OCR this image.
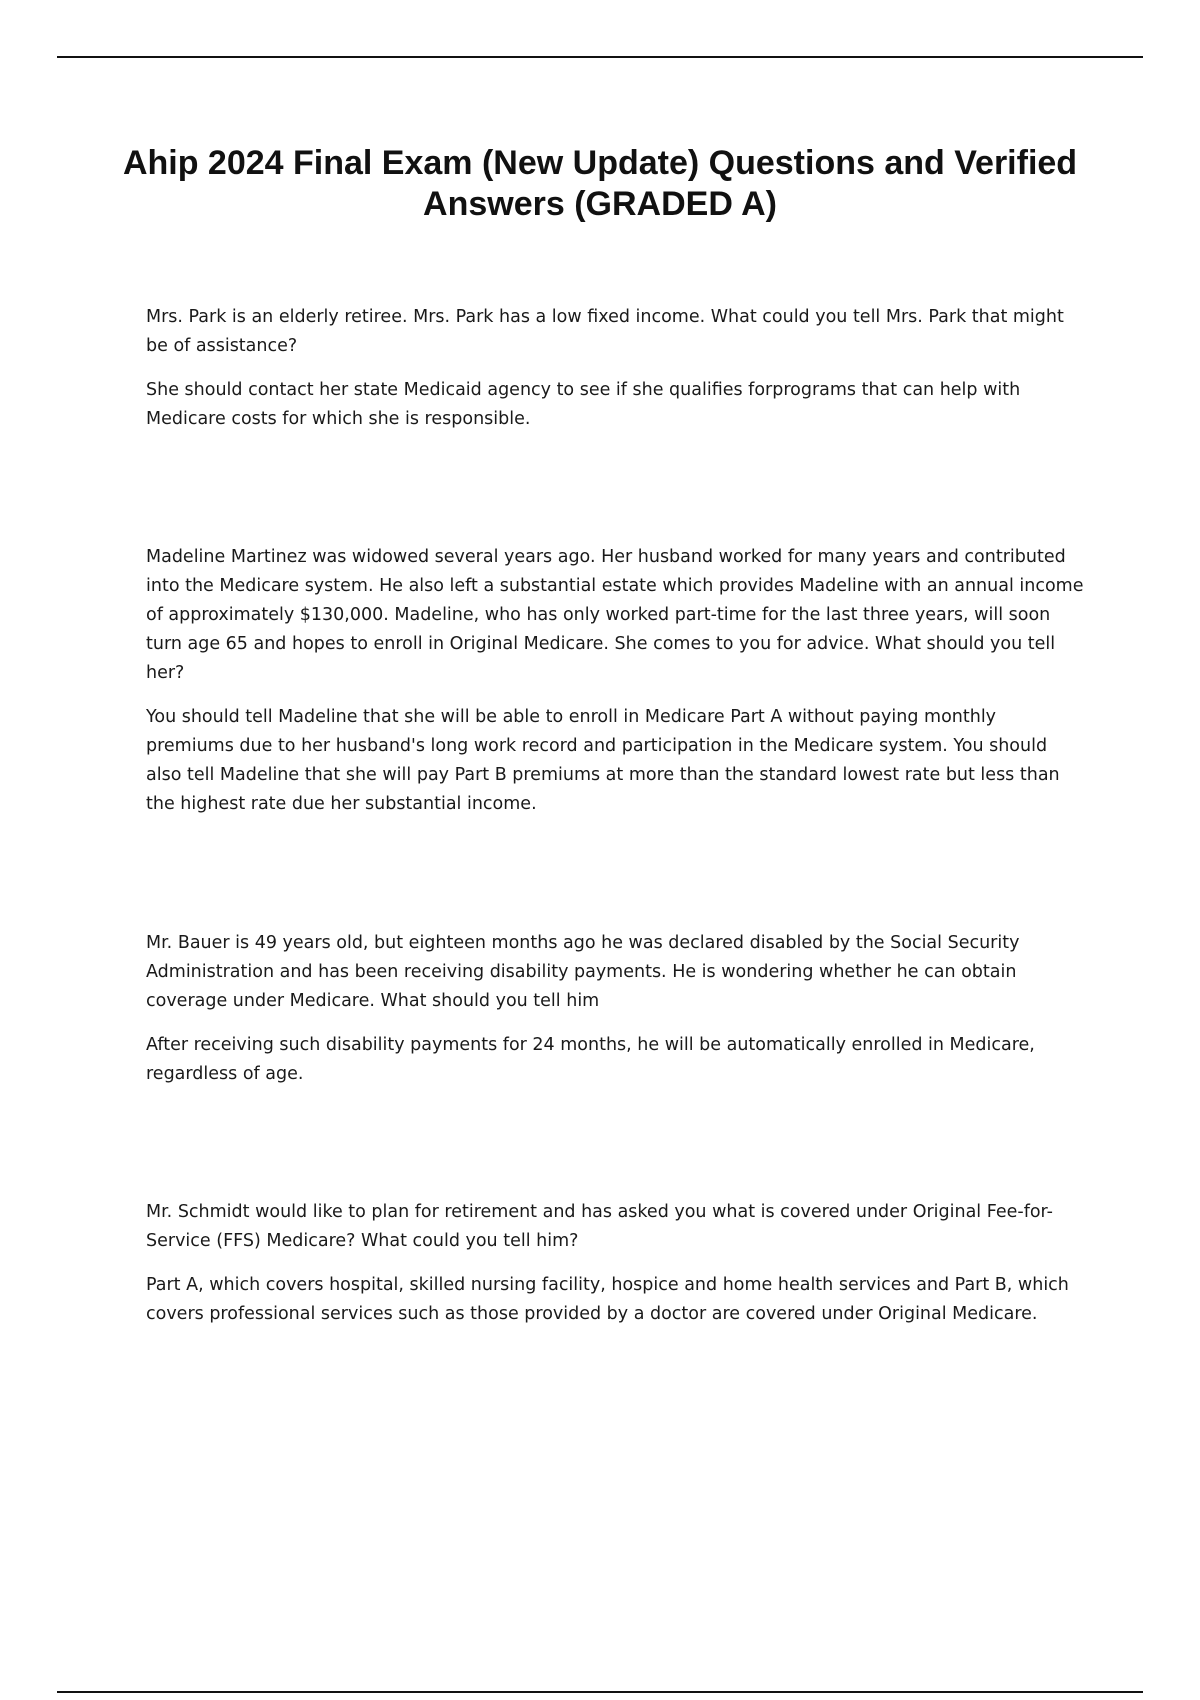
Ahip 2024 Final Exam (New Update) Questions and Verified Answers (GRADED A)

Mrs. Park is an elderly retiree. Mrs. Park has a low fixed income. What could you tell Mrs. Park that might be of assistance?

She should contact her state Medicaid agency to see if she qualifies forprograms that can help with Medicare costs for which she is responsible.

Madeline Martinez was widowed several years ago. Her husband worked for many years and contributed into the Medicare system. He also left a substantial estate which provides Madeline with an annual income of approximately $130,000. Madeline, who has only worked part-time for the last three years, will soon turn age 65 and hopes to enroll in Original Medicare. She comes to you for advice. What should you tell her?

You should tell Madeline that she will be able to enroll in Medicare Part A without paying monthly premiums due to her husband's long work record and participation in the Medicare system. You should also tell Madeline that she will pay Part B premiums at more than the standard lowest rate but less than the highest rate due her substantial income.

Mr. Bauer is 49 years old, but eighteen months ago he was declared disabled by the Social Security Administration and has been receiving disability payments. He is wondering whether he can obtain coverage under Medicare. What should you tell him

After receiving such disability payments for 24 months, he will be automatically enrolled in Medicare, regardless of age.

Mr. Schmidt would like to plan for retirement and has asked you what is covered under Original Fee-for-Service (FFS) Medicare? What could you tell him?

Part A, which covers hospital, skilled nursing facility, hospice and home health services and Part B, which covers professional services such as those provided by a doctor are covered under Original Medicare.
